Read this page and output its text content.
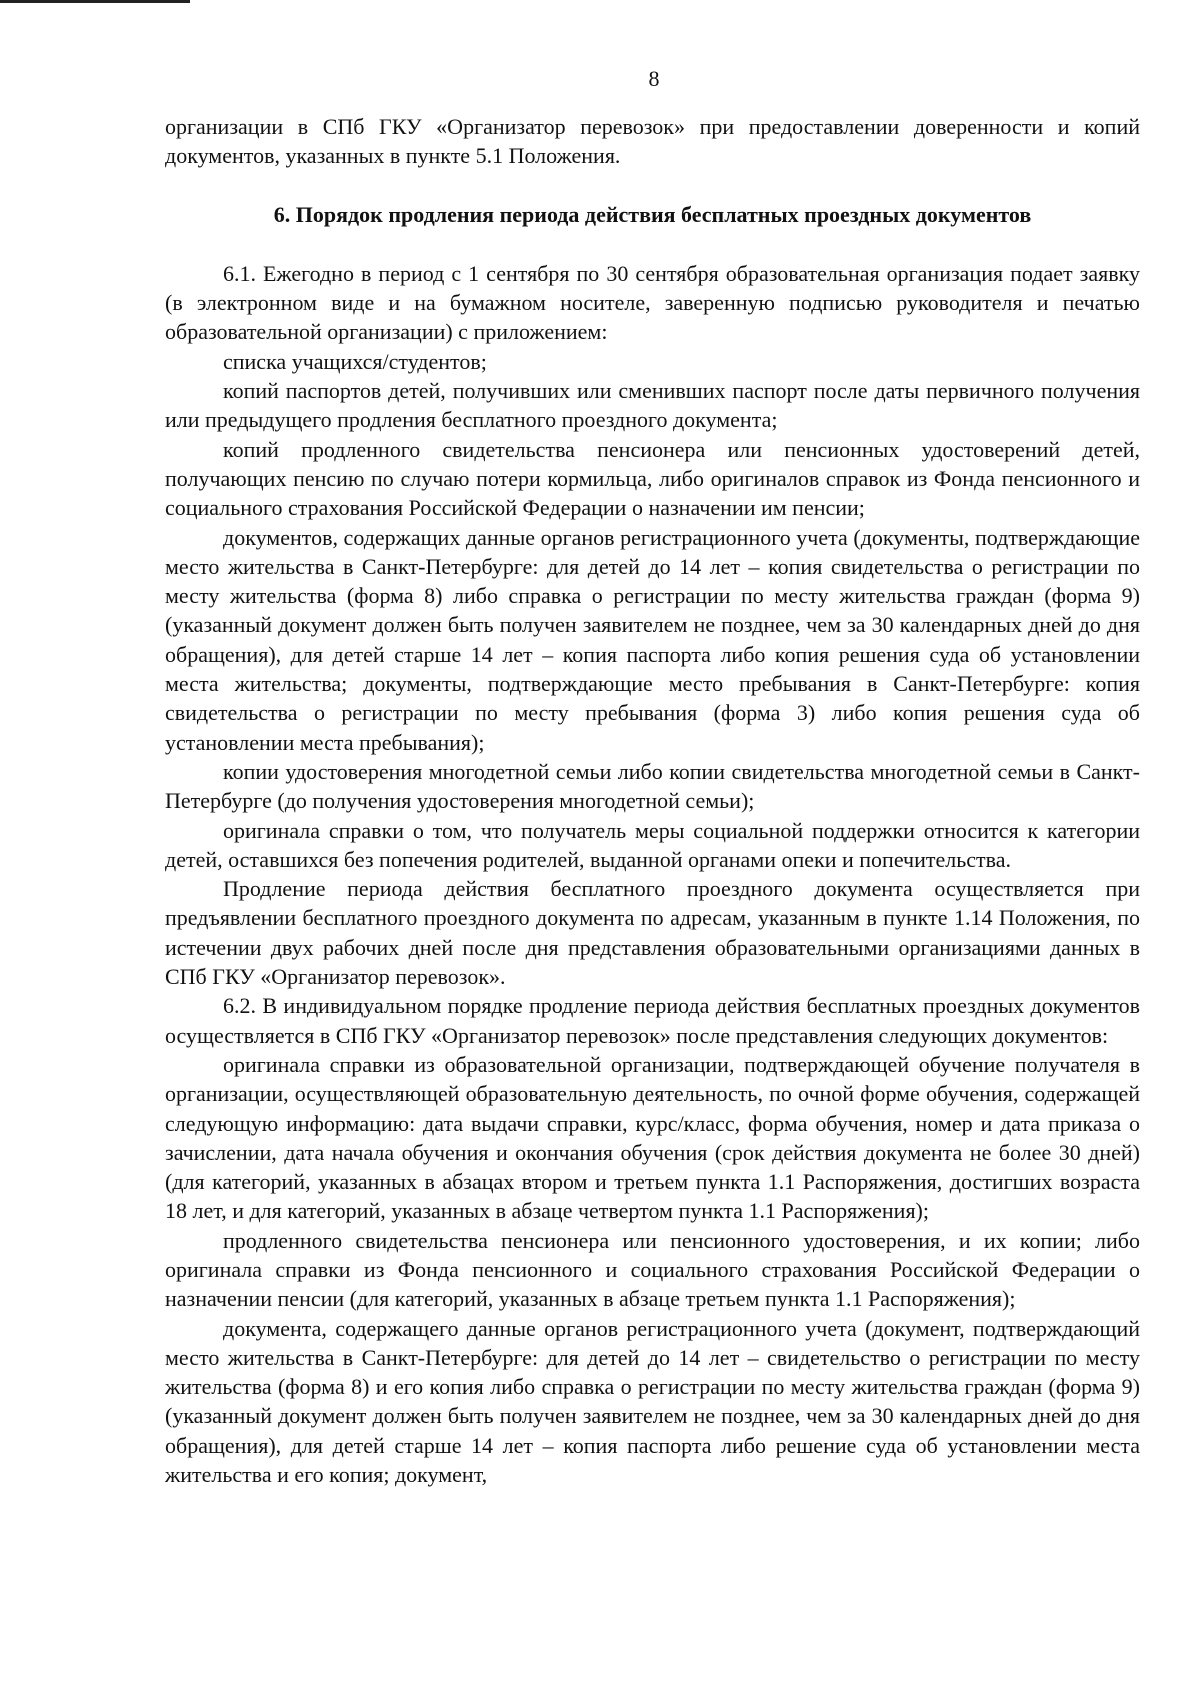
8

организации в СПб ГКУ «Организатор перевозок» при предоставлении доверенности и копий документов, указанных в пункте 5.1 Положения.

6. Порядок продления периода действия бесплатных проездных документов

6.1. Ежегодно в период с 1 сентября по 30 сентября образовательная организация подает заявку (в электронном виде и на бумажном носителе, заверенную подписью руководителя и печатью образовательной организации) с приложением:

списка учащихся/студентов;

копий паспортов детей, получивших или сменивших паспорт после даты первичного получения или предыдущего продления бесплатного проездного документа;

копий продленного свидетельства пенсионера или пенсионных удостоверений детей, получающих пенсию по случаю потери кормильца, либо оригиналов справок из Фонда пенсионного и социального страхования Российской Федерации о назначении им пенсии;

документов, содержащих данные органов регистрационного учета (документы, подтверждающие место жительства в Санкт-Петербурге: для детей до 14 лет – копия свидетельства о регистрации по месту жительства (форма 8) либо справка о регистрации по месту жительства граждан (форма 9) (указанный документ должен быть получен заявителем не позднее, чем за 30 календарных дней до дня обращения), для детей старше 14 лет – копия паспорта либо копия решения суда об установлении места жительства; документы, подтверждающие место пребывания в Санкт-Петербурге: копия свидетельства о регистрации по месту пребывания (форма 3) либо копия решения суда об установлении места пребывания);

копии удостоверения многодетной семьи либо копии свидетельства многодетной семьи в Санкт-Петербурге (до получения удостоверения многодетной семьи);

оригинала справки о том, что получатель меры социальной поддержки относится к категории детей, оставшихся без попечения родителей, выданной органами опеки и попечительства.

Продление периода действия бесплатного проездного документа осуществляется при предъявлении бесплатного проездного документа по адресам, указанным в пункте 1.14 Положения, по истечении двух рабочих дней после дня представления образовательными организациями данных в СПб ГКУ «Организатор перевозок».

6.2. В индивидуальном порядке продление периода действия бесплатных проездных документов осуществляется в СПб ГКУ «Организатор перевозок» после представления следующих документов:

оригинала справки из образовательной организации, подтверждающей обучение получателя в организации, осуществляющей образовательную деятельность, по очной форме обучения, содержащей следующую информацию: дата выдачи справки, курс/класс, форма обучения, номер и дата приказа о зачислении, дата начала обучения и окончания обучения (срок действия документа не более 30 дней) (для категорий, указанных в абзацах втором и третьем пункта 1.1 Распоряжения, достигших возраста 18 лет, и для категорий, указанных в абзаце четвертом пункта 1.1 Распоряжения);

продленного свидетельства пенсионера или пенсионного удостоверения, и их копии; либо оригинала справки из Фонда пенсионного и социального страхования Российской Федерации о назначении пенсии (для категорий, указанных в абзаце третьем пункта 1.1 Распоряжения);

документа, содержащего данные органов регистрационного учета (документ, подтверждающий место жительства в Санкт-Петербурге: для детей до 14 лет – свидетельство о регистрации по месту жительства (форма 8) и его копия либо справка о регистрации по месту жительства граждан (форма 9) (указанный документ должен быть получен заявителем не позднее, чем за 30 календарных дней до дня обращения), для детей старше 14 лет – копия паспорта либо решение суда об установлении места жительства и его копия; документ,
